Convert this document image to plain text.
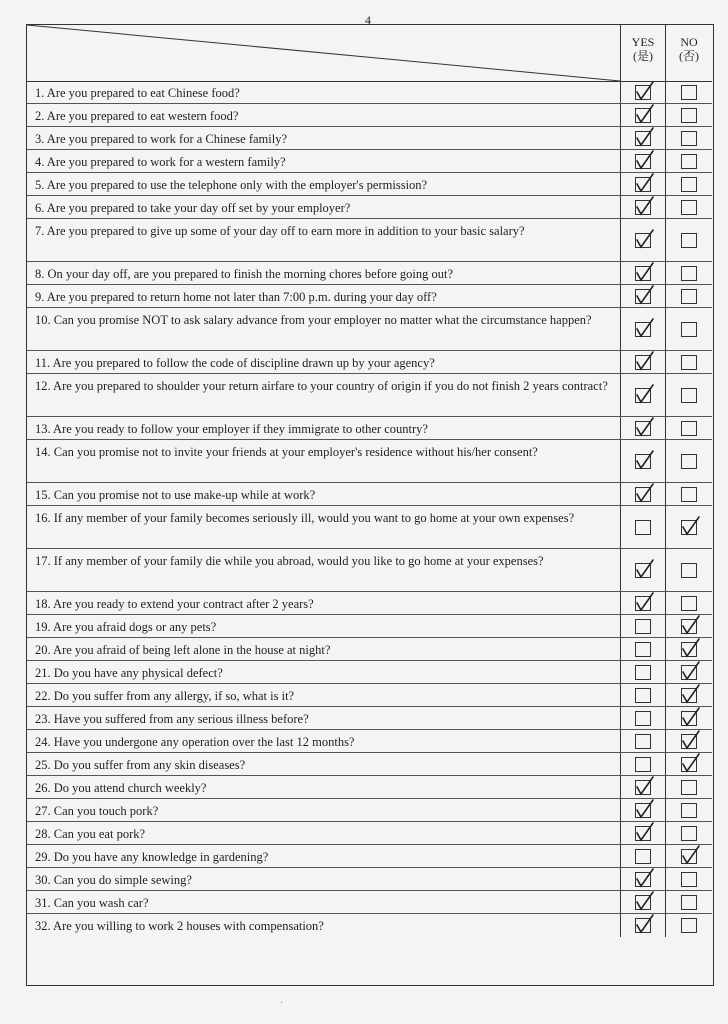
4
YES
(是)
NO
(否)
1. Are you prepared to eat Chinese food?
2. Are you prepared to eat western food?
3. Are you prepared to work for a Chinese family?
4. Are you prepared to work for a western family?
5. Are you prepared to use the telephone only with the employer's permission?
6. Are you prepared to take your day off set by your employer?
7. Are you prepared to give up some of your day off to earn more in addition to your basic salary?
8. On your day off, are you prepared to finish the morning chores before going out?
9. Are you prepared to return home not later than 7:00 p.m. during your day off?
10. Can you promise NOT to ask salary advance from your employer no matter what the circumstance happen?
11. Are you prepared to follow the code of discipline drawn up by your agency?
12. Are you prepared to shoulder your return airfare to your country of origin if you do not finish 2 years contract?
13. Are you ready to follow your employer if they immigrate to other country?
14. Can you promise not to invite your friends at your employer's residence without his/her consent?
15. Can you promise not to use make-up while at work?
16. If any member of your family becomes seriously ill, would you want to go home at your own expenses?
17. If any member of your family die while you abroad, would you like to go home at your expenses?
18. Are you ready to extend your contract after 2 years?
19. Are you afraid dogs or any pets?
20. Are you afraid of being left alone in the house at night?
21. Do you have any physical defect?
22. Do you suffer from any allergy, if so, what is it?
23. Have you suffered from any serious illness before?
24. Have you undergone any operation over the last 12 months?
25. Do you suffer from any skin diseases?
26. Do you attend church weekly?
27. Can you touch pork?
28. Can you eat pork?
29. Do you have any knowledge in gardening?
30. Can you do simple sewing?
31. Can you wash car?
32. Are you willing to work 2 houses with compensation?
·
